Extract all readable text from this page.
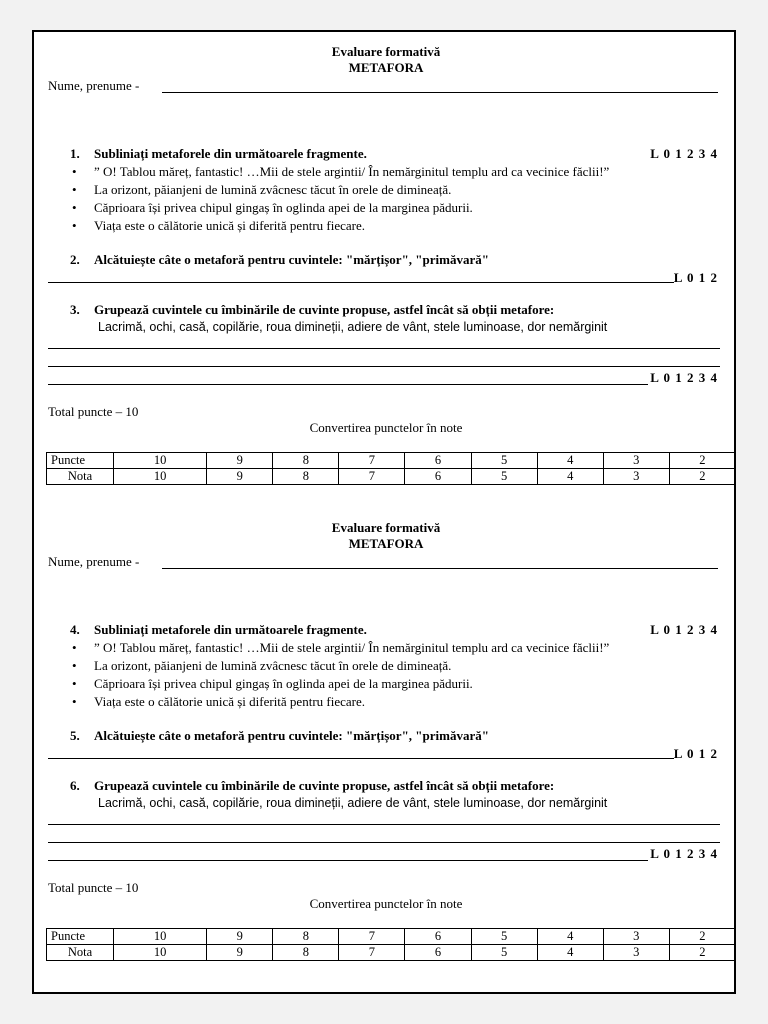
Evaluare formativă
METAFORA
Nume, prenume -
1. Subliniați metaforele din următoarele fragmente.	L 0 1 2 3 4
• ” O! Tablou măreț, fantastic! …Mii de stele argintii/ În nemărginitul templu ard ca vecinice făclii!”
• La orizont, păianjeni de lumină zvâcnesc tăcut în orele de dimineață.
• Căprioara își privea chipul gingaș în oglinda apei de la marginea pădurii.
• Viața este o călătorie unică și diferită pentru fiecare.
2. Alcătuiește câte o metaforă pentru cuvintele: "mărțișor", "primăvară"
L 0 1 2
3. Grupează cuvintele cu îmbinările de cuvinte propuse, astfel încât să obții metafore:
Lacrimă, ochi, casă, copilărie, roua dimineții, adiere de vânt, stele luminoase, dor nemărginit
L 0 1 2 3 4
Total puncte – 10
Convertirea punctelor în note
Puncte	10	9	8	7	6	5	4	3	2
Nota	10	9	8	7	6	5	4	3	2
Evaluare formativă
METAFORA
Nume, prenume -
4. Subliniați metaforele din următoarele fragmente.	L 0 1 2 3 4
• ” O! Tablou măreț, fantastic! …Mii de stele argintii/ În nemărginitul templu ard ca vecinice făclii!”
• La orizont, păianjeni de lumină zvâcnesc tăcut în orele de dimineață.
• Căprioara își privea chipul gingaș în oglinda apei de la marginea pădurii.
• Viața este o călătorie unică și diferită pentru fiecare.
5. Alcătuiește câte o metaforă pentru cuvintele: "mărțișor", "primăvară"
L 0 1 2
6. Grupează cuvintele cu îmbinările de cuvinte propuse, astfel încât să obții metafore:
Lacrimă, ochi, casă, copilărie, roua dimineții, adiere de vânt, stele luminoase, dor nemărginit
L 0 1 2 3 4
Total puncte – 10
Convertirea punctelor în note
Puncte	10	9	8	7	6	5	4	3	2
Nota	10	9	8	7	6	5	4	3	2
